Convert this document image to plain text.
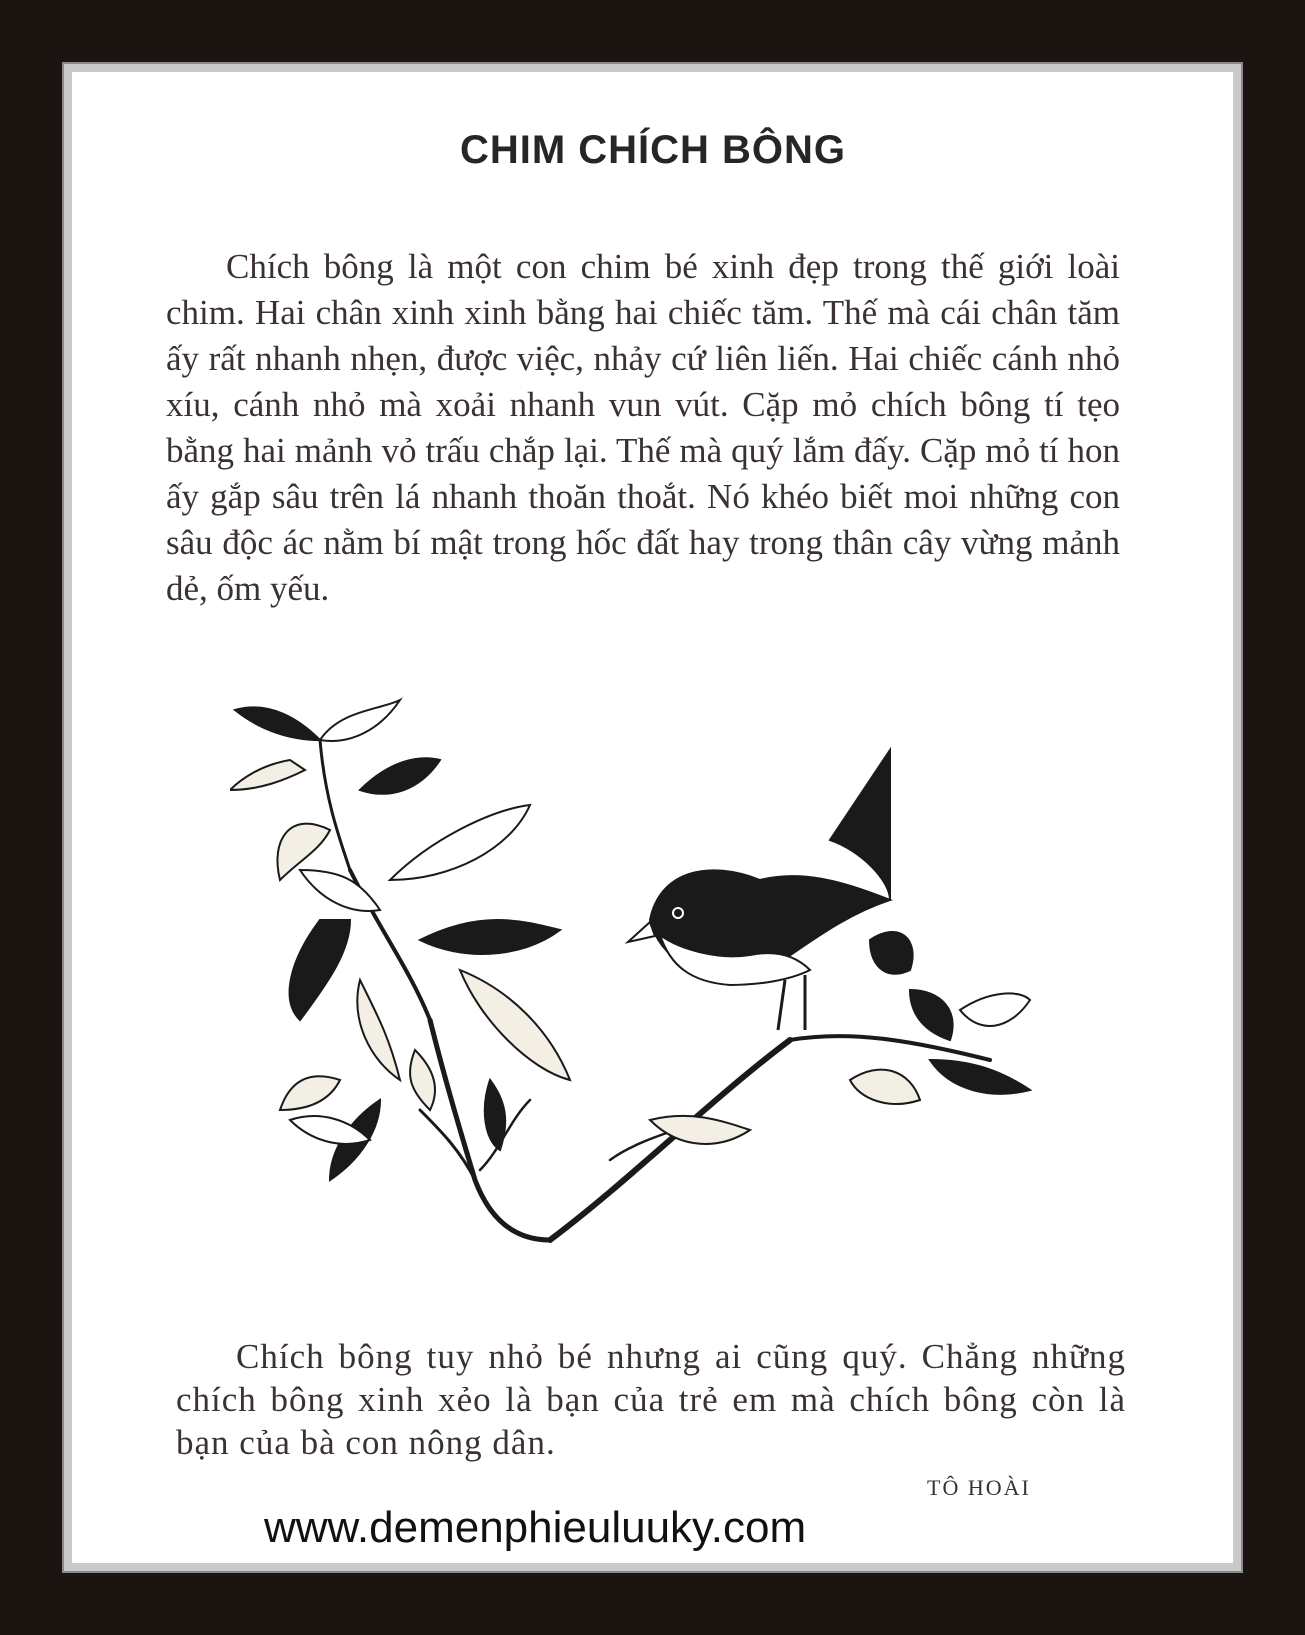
CHIM CHÍCH BÔNG

Chích bông là một con chim bé xinh đẹp trong thế giới loài chim. Hai chân xinh xinh bằng hai chiếc tăm. Thế mà cái chân tăm ấy rất nhanh nhẹn, được việc, nhảy cứ liên liến. Hai chiếc cánh nhỏ xíu, cánh nhỏ mà xoải nhanh vun vút. Cặp mỏ chích bông tí tẹo bằng hai mảnh vỏ trấu chắp lại. Thế mà quý lắm đấy. Cặp mỏ tí hon ấy gắp sâu trên lá nhanh thoăn thoắt. Nó khéo biết moi những con sâu độc ác nằm bí mật trong hốc đất hay trong thân cây vừng mảnh dẻ, ốm yếu.

Chích bông tuy nhỏ bé nhưng ai cũng quý. Chẳng những chích bông xinh xẻo là bạn của trẻ em mà chích bông còn là bạn của bà con nông dân.

TÔ HOÀI
www.demenphieuluuky.com
